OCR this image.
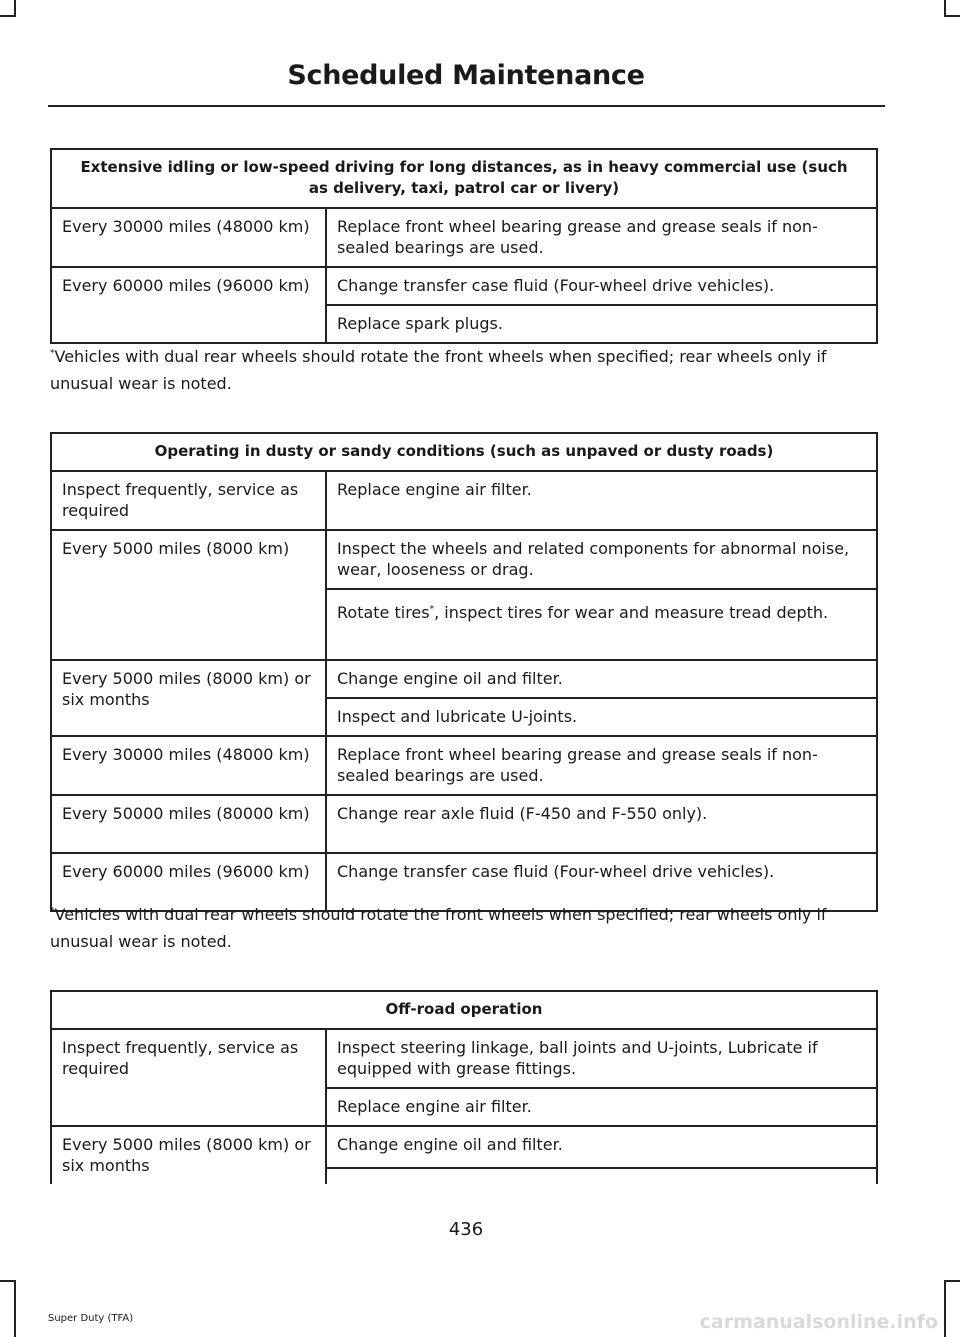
Scheduled Maintenance
Extensive idling or low-speed driving for long distances, as in heavy commercial use (such as delivery, taxi, patrol car or livery)	
Every 30000 miles (48000 km)	Replace front wheel bearing grease and grease seals if non-sealed bearings are used.
Every 60000 miles (96000 km)	Change transfer case fluid (Four-wheel drive vehicles).
	Replace spark plugs.
*Vehicles with dual rear wheels should rotate the front wheels when specified; rear wheels only if unusual wear is noted.
Operating in dusty or sandy conditions (such as unpaved or dusty roads)	
Inspect frequently, service as required	Replace engine air filter.
Every 5000 miles (8000 km)	Inspect the wheels and related components for abnormal noise, wear, looseness or drag.
	Rotate tires*, inspect tires for wear and measure tread depth.
Every 5000 miles (8000 km) or six months	Change engine oil and filter.
	Inspect and lubricate U-joints.
Every 30000 miles (48000 km)	Replace front wheel bearing grease and grease seals if non-sealed bearings are used.
Every 50000 miles (80000 km)	Change rear axle fluid (F-450 and F-550 only).
Every 60000 miles (96000 km)	Change transfer case fluid (Four-wheel drive vehicles).
*Vehicles with dual rear wheels should rotate the front wheels when specified; rear wheels only if unusual wear is noted.
Off-road operation	
Inspect frequently, service as required	Inspect steering linkage, ball joints and U-joints, Lubricate if equipped with grease fittings.
	Replace engine air filter.
Every 5000 miles (8000 km) or six months	Change engine oil and filter.

436
Super Duty (TFA)	carmanualsonline.info
